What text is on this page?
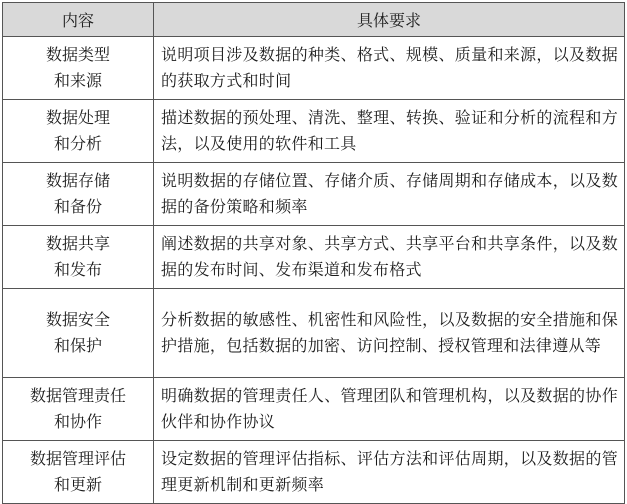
内容	具体要求

数据类型
和来源	说明项目涉及数据的种类、格式、规模、质量和来源，以及数据的获取方式和时间

数据处理
和分析	描述数据的预处理、清洗、整理、转换、验证和分析的流程和方法，以及使用的软件和工具

数据存储
和备份	说明数据的存储位置、存储介质、存储周期和存储成本，以及数据的备份策略和频率

数据共享
和发布	阐述数据的共享对象、共享方式、共享平台和共享条件，以及数据的发布时间、发布渠道和发布格式

数据安全
和保护	分析数据的敏感性、机密性和风险性，以及数据的安全措施和保护措施，包括数据的加密、访问控制、授权管理和法律遵从等

数据管理责任
和协作	明确数据的管理责任人、管理团队和管理机构，以及数据的协作伙伴和协作协议

数据管理评估
和更新	设定数据的管理评估指标、评估方法和评估周期，以及数据的管理更新机制和更新频率
